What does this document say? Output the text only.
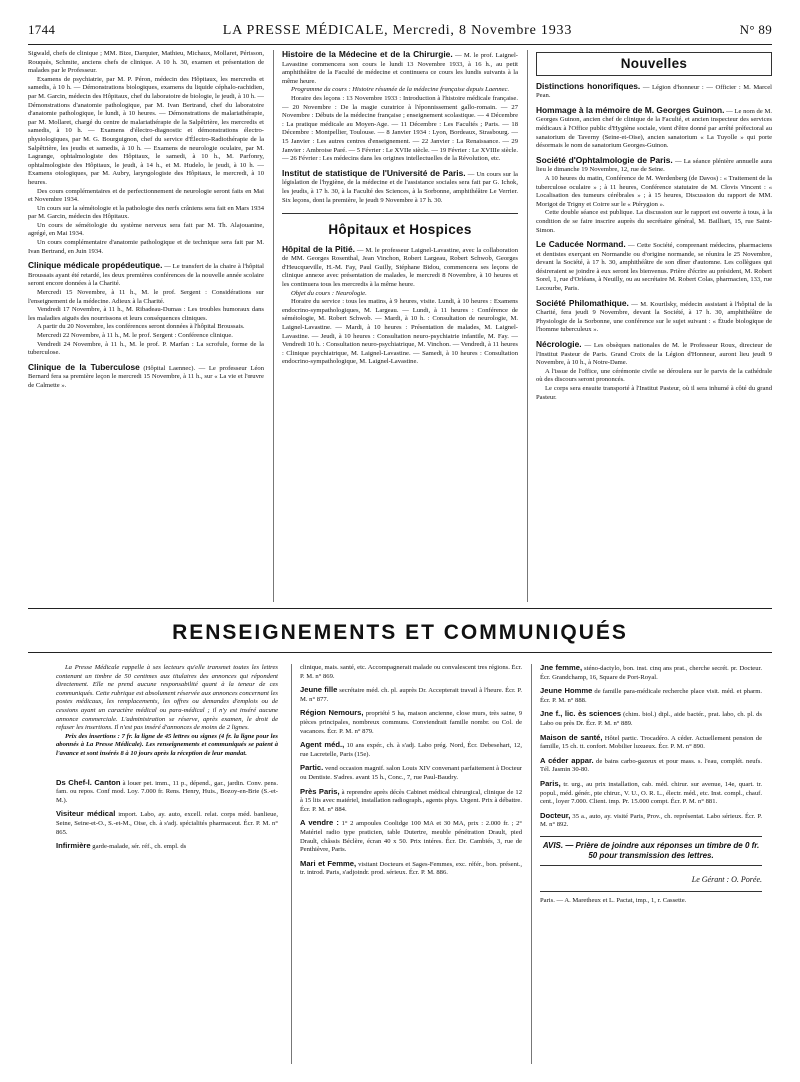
1744	LA PRESSE MÉDICALE, Mercredi, 8 Novembre 1933	N° 89

Sigwald, chefs de clinique ; MM. Bize, Darquier, Mathieu, Michaux, Mollaret, Périsson, Rouquès, Schmite, anciens chefs de clinique. A 10 h. 30, examen et présentation de malades par le Professeur.

Examens de psychiatrie, par M. P. Péron, médecin des Hôpitaux, les mercredis et samedis, à 10 h. — Démonstrations biologiques, examens du liquide céphalo-rachidien, par M. Garcin, médecin des Hôpitaux, chef du laboratoire de biologie, le jeudi, à 10 h. — Démonstrations d'anatomie pathologique, par M. Ivan Bertrand, chef du laboratoire d'anatomie pathologique, le lundi, à 10 heures. — Démonstrations de malariathérapie, par M. Mollaret, chargé du centre de malariathérapie de la Salpêtrière, les mercredis et samedis, à 10 h. — Examens d'électro-diagnostic et démonstrations électro-physiologiques, par M. G. Bourguignon, chef du service d'Électro-Radiothérapie de la Salpêtrière, les jeudis et samedis, à 10 h. — Examens de neurologie oculaire, par M. Lagrange, ophtalmologiste des Hôpitaux, le samedi, à 10 h., M. Parfonry, ophtalmologiste des Hôpitaux, le jeudi, à 14 h., et M. Hudelo, le jeudi, à 10 h. — Examens otologiques, par M. Aubry, laryngologiste des Hôpitaux, le mercredi, à 10 heures.

Des cours complémentaires et de perfectionnement de neurologie seront faits en Mai et Novembre 1934.

Un cours sur la séméiologie et la pathologie des nerfs crâniens sera fait en Mars 1934 par M. Garcin, médecin des Hôpitaux.

Un cours de séméiologie du système nerveux sera fait par M. Th. Alajouanine, agrégé, en Mai 1934.

Un cours complémentaire d'anatomie pathologique et de technique sera fait par M. Ivan Bertrand, en Juin 1934.

Clinique médicale propédeutique. — Le transfert de la chaire à l'hôpital Broussais ayant été retardé, les deux premières conférences de la nouvelle année scolaire seront encore données à la Charité.

Mercredi 15 Novembre, à 11 h., M. le prof. Sergent : Considérations sur l'enseignement de la médecine. Adieux à la Charité.

Vendredi 17 Novembre, à 11 h., M. Ribadeau-Dumas : Les troubles humoraux dans les maladies aiguës des nourrissons et leurs conséquences cliniques.

A partir du 20 Novembre, les conférences seront données à l'hôpital Broussais.

Mercredi 22 Novembre, à 11 h., M. le prof. Sergent : Conférence clinique.

Vendredi 24 Novembre, à 11 h., M. le prof. P. Marfan : La scrofule, forme de la tuberculose.

Clinique de la Tuberculose (Hôpital Laennec). — Le professeur Léon Bernard fera sa première leçon le mercredi 15 Novembre, à 11 h., sur « La vie et l'œuvre de Calmette ».

Histoire de la Médecine et de la Chirurgie. — M. le prof. Laignel-Lavastine commencera son cours le lundi 13 Novembre 1933, à 16 h., au petit amphithéâtre de la Faculté de médecine et continuera ce cours les lundis suivants à la même heure.

Programme du cours : Histoire résumée de la médecine française depuis Laennec.

Horaire des leçons : 13 Novembre 1933 : Introduction à l'histoire médicale française. — 20 Novembre : De la magie curatrice à l'éponnissement gallo-romain. — 27 Novembre : Débuts de la médecine française ; enseignement scolastique. — 4 Décembre : La pratique médicale au Moyen-Age. — 11 Décembre : Les Facultés ; Paris. — 18 Décembre : Montpellier, Toulouse. — 8 Janvier 1934 : Lyon, Bordeaux, Strasbourg. — 15 Janvier : Les autres centres d'enseignement. — 22 Janvier : La Renaissance. — 29 Janvier : Ambroise Paré. — 5 Février : Le XVIIe siècle. — 19 Février : Le XVIIIe siècle. — 26 Février : Les médecins dans les origines intellectuelles de la Révolution, etc.

Institut de statistique de l'Université de Paris. — Un cours sur la législation de l'hygiène, de la médecine et de l'assistance sociales sera fait par G. Ichok, les jeudis, à 17 h. 30, à la Faculté des Sciences, à la Sorbonne, amphithéâtre Le Verrier. Six leçons, dont la première, le jeudi 9 Novembre à 17 h. 30.

Hôpitaux et Hospices

Hôpital de la Pitié. — M. le professeur Laignel-Lavastine, avec la collaboration de MM. Georges Rosenthal, Jean Vinchon, Robert Largeau, Robert Schwob, Georges d'Heucqueville, H.-M. Fay, Paul Guilly, Stéphane Bidou, commencera ses leçons de clinique annexe avec présentation de malades, le mercredi 8 Novembre, à 10 heures et les continuera tous les mercredis à la même heure.

Objet du cours : Neurologie.

Horaire du service : tous les matins, à 9 heures, visite. Lundi, à 10 heures : Examens endocrino-sympathologiques, M. Largeau. — Lundi, à 11 heures : Conférence de séméiologie, M. Robert Schwob. — Mardi, à 10 h. : Consultation de neurologie, M. Laignel-Lavastine. — Mardi, à 10 heures : Présentation de malades, M. Laignel-Lavastine. — Jeudi, à 10 heures : Consultation neuro-psychiatrie infantile, M. Fay. — Vendredi 10 h. : Consultation neuro-psychiatrique, M. Vinchon. — Vendredi, à 11 heures : Clinique psychiatrique, M. Laignel-Lavastine. — Samedi, à 10 heures : Consultation endocrino-sympathologique, M. Laignel-Lavastine.

Nouvelles

Distinctions honorifiques. — Légion d'honneur : — Officier : M. Marcel Pean.

Hommage à la mémoire de M. Georges Guinon. — Le nom de M. Georges Guinon, ancien chef de clinique de la Faculté, et ancien inspecteur des services médicaux à l'Office public d'Hygiène sociale, vient d'être donné par arrêté préfectoral au sanatorium de Taverny (Seine-et-Oise), ancien sanatorium « La Tuyolle » qui porte désormais le nom de sanatorium Georges-Guinon.

Société d'Ophtalmologie de Paris. — La séance plénière annuelle aura lieu le dimanche 19 Novembre, 12, rue de Seine.

A 10 heures du matin, Conférence de M. Werdenberg (de Davos) : « Traitement de la tuberculose oculaire » ; à 11 heures, Conférence statutaire de M. Clovis Vincent : « Localisation des tumeurs cérébrales » ; à 15 heures, Discussion du rapport de MM. Morigot de Trigny et Coirre sur le « Ptérygion ».

Cette double séance est publique. La discussion sur le rapport est ouverte à tous, à la condition de se faire inscrire auprès du secrétaire général, M. Bailliart, 15, rue Saint-Simon.

Le Caducée Normand. — Cette Société, comprenant médecins, pharmaciens et dentistes exerçant en Normandie ou d'origine normande, se réunira le 25 Novembre, devant la Société, à 17 h. 30, amphithéâtre de son dîner d'automne. Les collègues qui désireraient se joindre à eux seront les bienvenus. Prière d'écrire au président, M. Robert Sorel, 1, rue d'Orléans, à Neuilly, ou au secrétaire M. Robert Colas, pharmacien, 133, rue Lecourbe, Paris.

Société Philomathique. — M. Kourilsky, médecin assistant à l'hôpital de la Charité, fera jeudi 9 Novembre, devant la Société, à 17 h. 30, amphithéâtre de Physiologie de la Sorbonne, une conférence sur le sujet suivant : « Étude biologique de l'homme tuberculeux ».

Nécrologie. — Les obsèques nationales de M. le Professeur Roux, directeur de l'Institut Pasteur de Paris. Grand Croix de la Légion d'Honneur, auront lieu jeudi 9 Novembre, à 10 h., à Notre-Dame.

A l'issue de l'office, une cérémonie civile se déroulera sur le parvis de la cathédrale où des discours seront prononcés.

Le corps sera ensuite transporté à l'Institut Pasteur, où il sera inhumé à côté du grand Pasteur.

RENSEIGNEMENTS ET COMMUNIQUÉS

La Presse Médicale rappelle à ses lecteurs qu'elle transmet toutes les lettres contenant un timbre de 50 centimes aux titulaires des annonces qui répondent directement. Elle ne prend aucune responsabilité quant à la teneur de ces communiqués. Cette rubrique est absolument réservée aux annonces concernant les postes médicaux, les remplacements, les offres ou demandes d'emplois ou de cessions ayant un caractère médical ou para-médical ; il n'y est inséré aucune annonce commerciale. L'administration se réserve, après examen, le droit de refuser les insertions. Il n'est pas inséré d'annonces de moins de 2 lignes.

Prix des insertions : 7 fr. la ligne de 45 lettres ou signes (4 fr. la ligne pour les abonnés à La Presse Médicale). Les renseignements et communiqués se paient à l'avance et sont insérés 8 à 10 jours après la réception de leur mandat.

Ds Chef-l. Canton à louer pet. imm., 11 p., dépend., gar., jardin. Conv. pens. fam. ou repos. Conf mod. Loy. 7.000 fr. Rens. Henry, Huis., Bozoy-en-Brie (S.-et-M.).

Visiteur médical import. Labo, ay. auto, excell. relat. corps méd. banlieue, Seine, Seine-et-O., S.-et-M., Oise, ch. à s'adj. spécialités pharmaceut. Écr. P. M. n° 865.

Infirmière garde-malade, sér. réf., ch. empl. ds

clinique, mais. santé, etc. Accompagnerait malade ou convalescent tres régions. Écr. P. M. n° 869.

Jeune fille secrétaire méd. ch. pl. auprès Dr. Accepterait travail à l'heure. Écr. P. M. n° 877.

Région Nemours, propriété 5 ha, maison ancienne, close murs, très saine, 9 pièces principales, nombreux communs. Conviendrait famille nombr. ou Col. de vacances. Écr. P. M. n° 879.

Agent méd., 10 ans expér., ch. à s'adj. Labo prég. Nord, Écr. Debesehart, 12, rue Lacretelle, Paris (15e).

Partic. vend occasion magnif. salon Louis XIV convenant parfaitement à Docteur ou Dentiste. S'adres. avant 15 h., Conc., 7, rue Paul-Baudry.

Près Paris, à reprendre après décès Cabinet médical chirurgical, clinique de 12 à 15 lits avec matériel, installation radiograph., agents phys. Urgent. Prix à débattre. Écr. P. M. n° 884.

A vendre : 1° 2 ampoules Coolidge 100 MA et 30 MA, prix : 2.000 fr. ; 2° Matériel radio type praticien, table Dutertre, meuble pénétration Drault, pied Drault, châssis Béclère, écran 40 x 50. Prix intéres. Écr. Dr. Cambiés, 3, rue de Penthièvre, Paris.

Mari et Femme, visitant Docteurs et Sages-Femmes, exc. référ., bon. présent., tr. introd. Paris, s'adjoindr. prod. sérieux. Écr. P. M. 886.

Jne femme, sténo-dactylo, bon. inst. cinq ans prat., cherche secrét. pr. Docteur. Écr. Grandchamp, 16, Square de Port-Royal.

Jeune Homme de famille para-médicale recherche place visit. méd. et pharm. Écr. P. M. n° 888.

Jne f., lic. ès sciences (chim. biol.) dipl., aide bactér., prat. labo, ch. pl. ds Labo ou près Dr. Écr. P. M. n° 889.

Maison de santé, Hôtel partic. Trocadéro. A céder. Actuellement pension de famille, 15 ch. tt. confort. Mobilier luxueux. Écr. P. M. n° 890.

A céder appar. de bains carbo-gazeux et pour mass. s. l'eau, complét. neufs. Tél. Jasmin 30-80.

Paris, tr. urg., au prix installation, cab. méd. chirur. sur avenue, 14e, quart. tr. popul., méd. génér., pte chirur., V. U., O. R. L., électr. méd., etc. Inst. compl., chauf. cent., loyer 7.000. Client. imp. Pr. 15.000 compt. Écr. P. M. n° 881.

Docteur, 35 a., auto, ay. visité Paris, Prov., ch. représentat. Labo sérieux. Écr. P. M. n° 892.

AVIS. — Prière de joindre aux réponses un timbre de 0 fr. 50 pour transmission des lettres.
Le Gérant : O. Porée.
Paris. — A. Maretheux et L. Pactat, imp., 1, r. Cassette.
